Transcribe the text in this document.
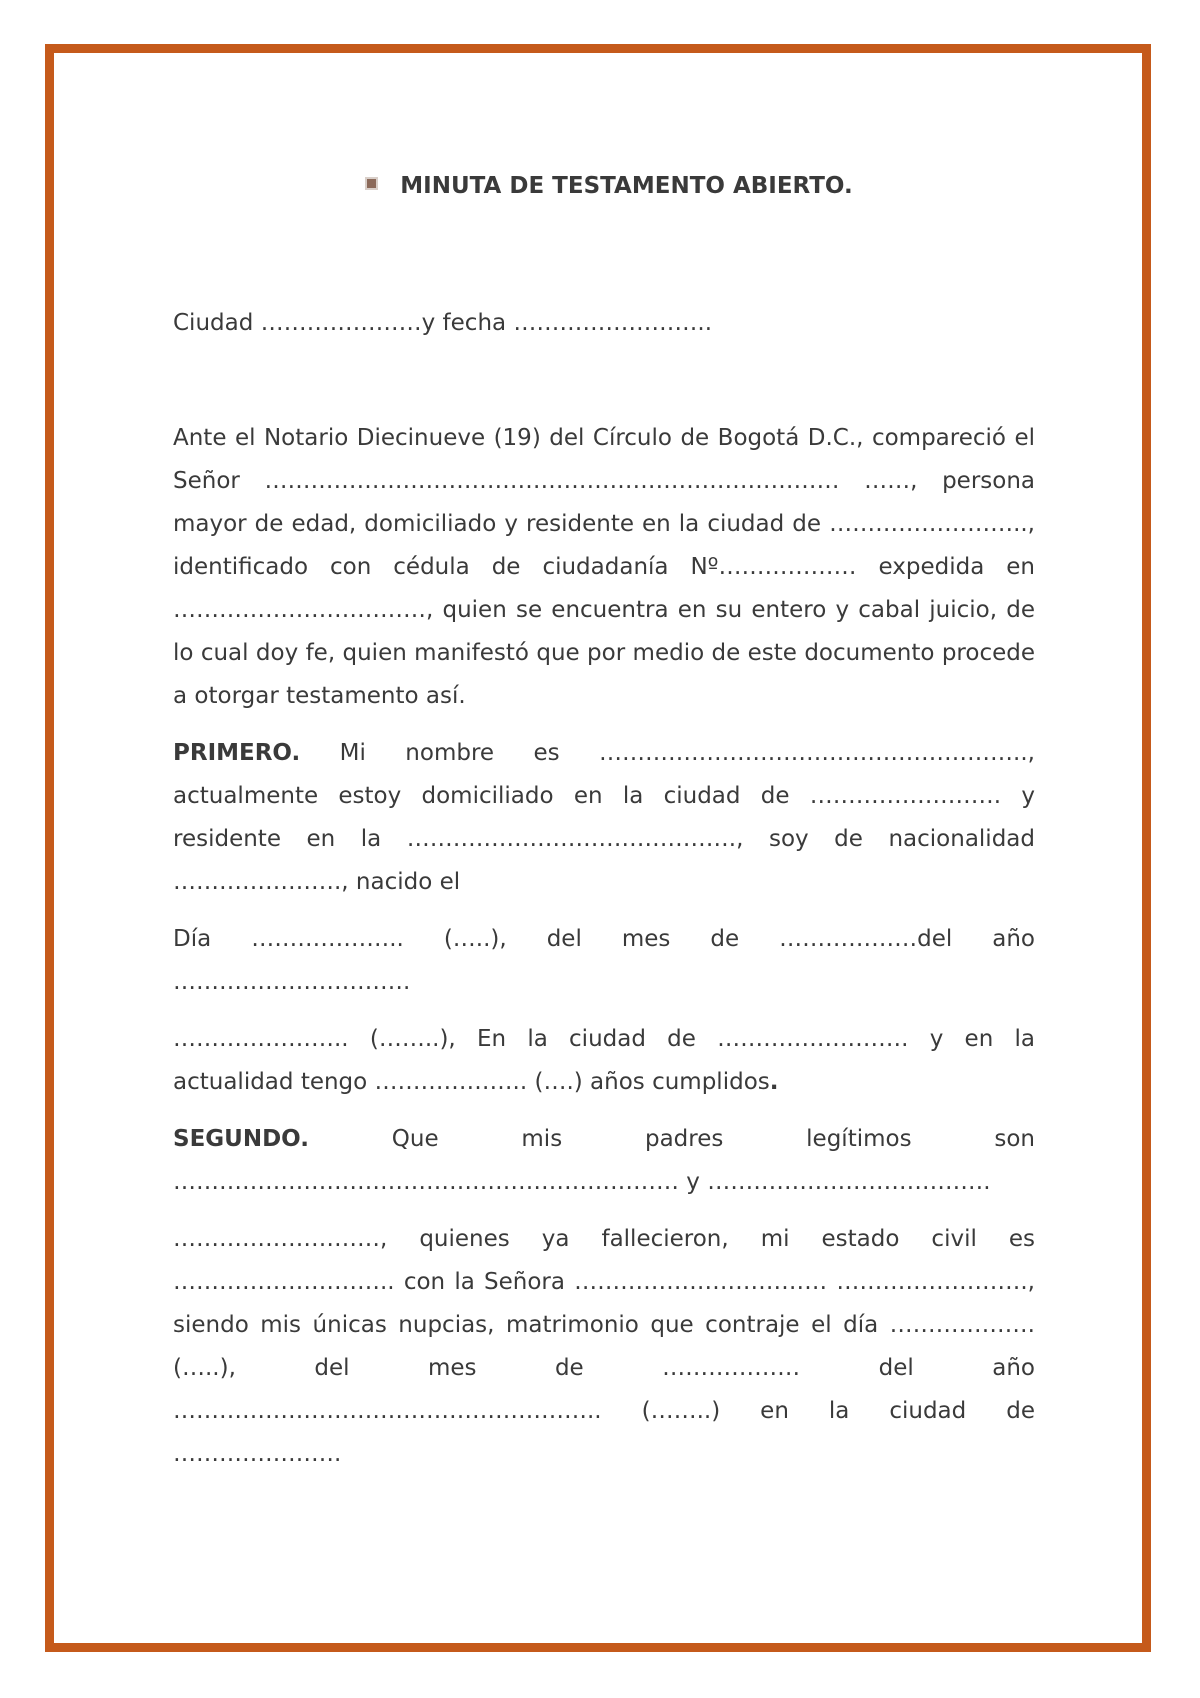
MINUTA DE TESTAMENTO ABIERTO.

Ciudad …………………y fecha ……………………..

Ante el Notario Diecinueve (19) del Círculo de Bogotá D.C., compareció el Señor ………………………………………………………………… ……, persona mayor de edad, domiciliado y residente en la ciudad de …………………….., identificado con cédula de ciudadanía Nº……………… expedida en ……………………………, quien se encuentra en su entero y cabal juicio, de lo cual doy fe, quien manifestó que por medio de este documento procede a otorgar testamento así.

PRIMERO. Mi nombre es ……………………………………………….., actualmente estoy domiciliado en la ciudad de ……………………. y residente en la ……………………………………., soy de nacionalidad …………………., nacido el

Día ……………….. (…..), del mes de ………………del año ………………………….

………………….. (……..), En la ciudad de ……………………. y en la actualidad tengo ……………….. (….) años cumplidos.

SEGUNDO. Que mis padres legítimos son ………………………………………………………… y ……………………………….

………………………, quienes ya fallecieron, mi estado civil es ……………………….. con la Señora …………………………… ……………………., siendo mis únicas nupcias, matrimonio que contraje el día ………………. (…..), del mes de ……………… del año ……………………………………………….. (……..) en la ciudad de ………………….
